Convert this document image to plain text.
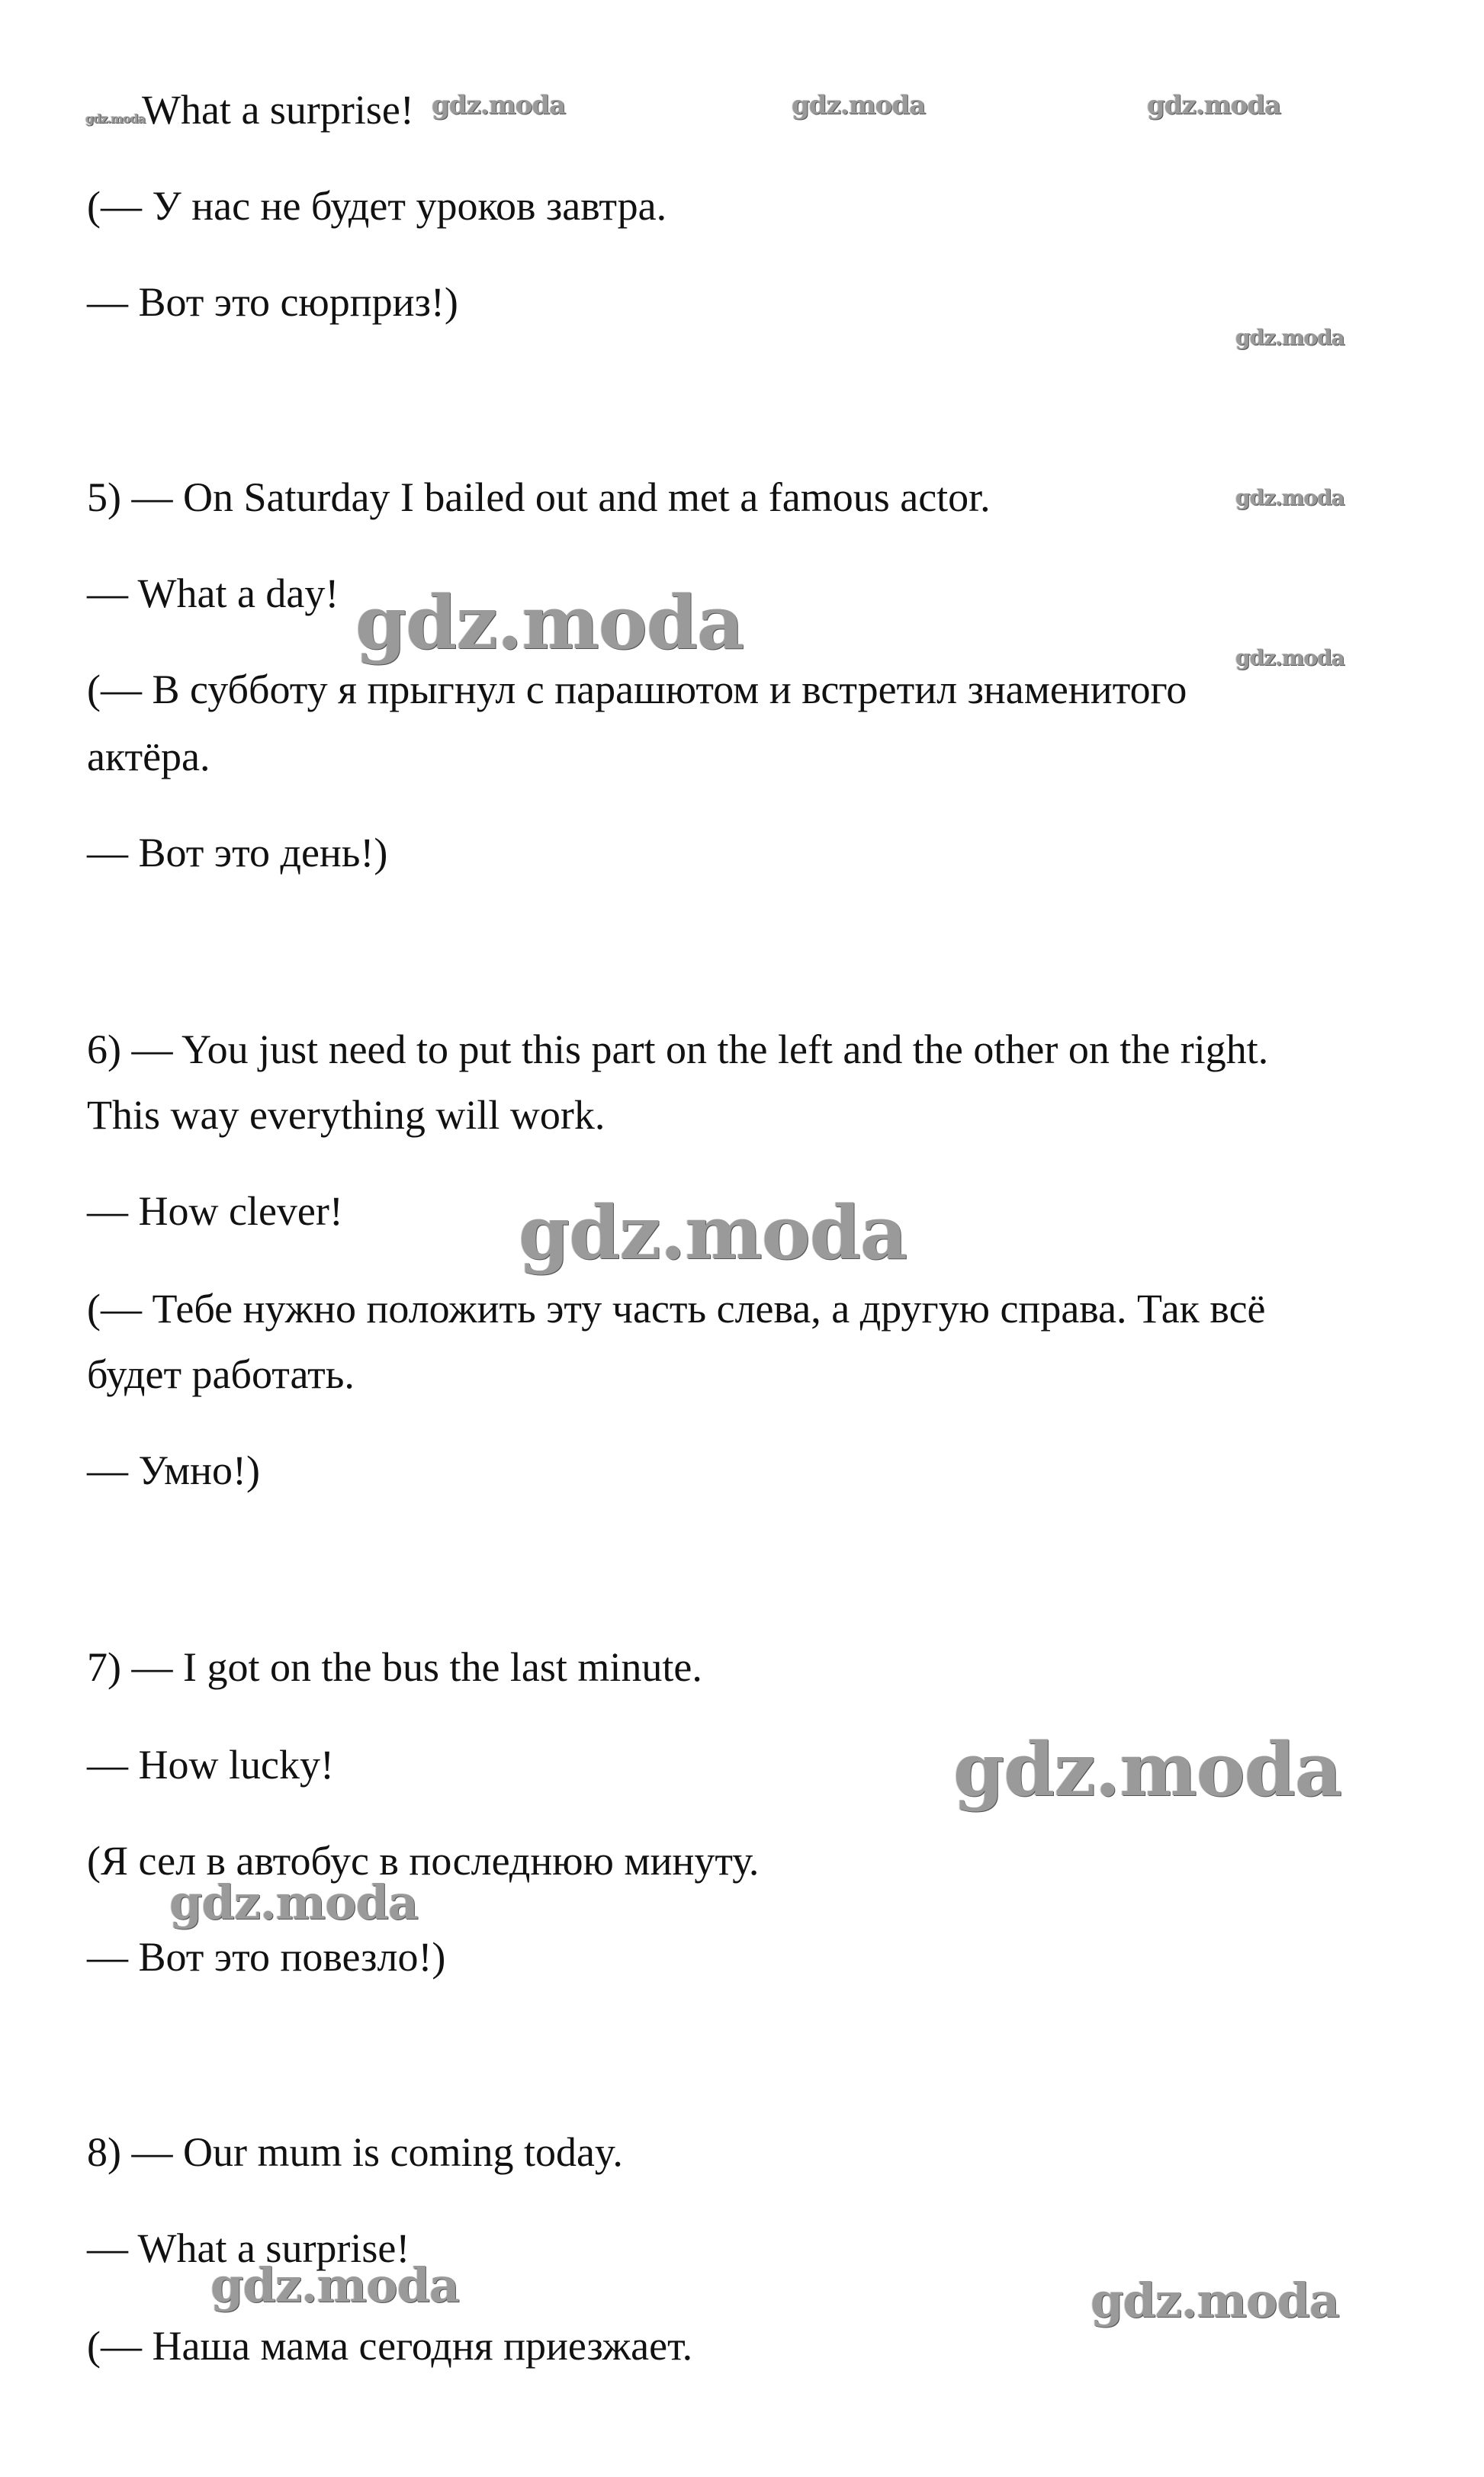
What a surprise!
(— У нас не будет уроков завтра.
— Вот это сюрприз!)
5) — On Saturday I bailed out and met a famous actor.
— What a day!
(— В субботу я прыгнул с парашютом и встретил знаменитого
актёра.
— Вот это день!)
6) — You just need to put this part on the left and the other on the right.
This way everything will work.
— How clever!
(— Тебе нужно положить эту часть слева, а другую справа. Так всё
будет работать.
— Умно!)
7) — I got on the bus the last minute.
— How lucky!
(Я сел в автобус в последнюю минуту.
— Вот это повезло!)
8) — Our mum is coming today.
— What a surprise!
(— Наша мама сегодня приезжает.
gdz.moda	gdz.moda	gdz.moda	gdz.moda
gdz.moda
gdz.moda
gdz.moda
gdz.moda
gdz.moda
gdz.moda
gdz.moda
gdz.moda	gdz.moda
